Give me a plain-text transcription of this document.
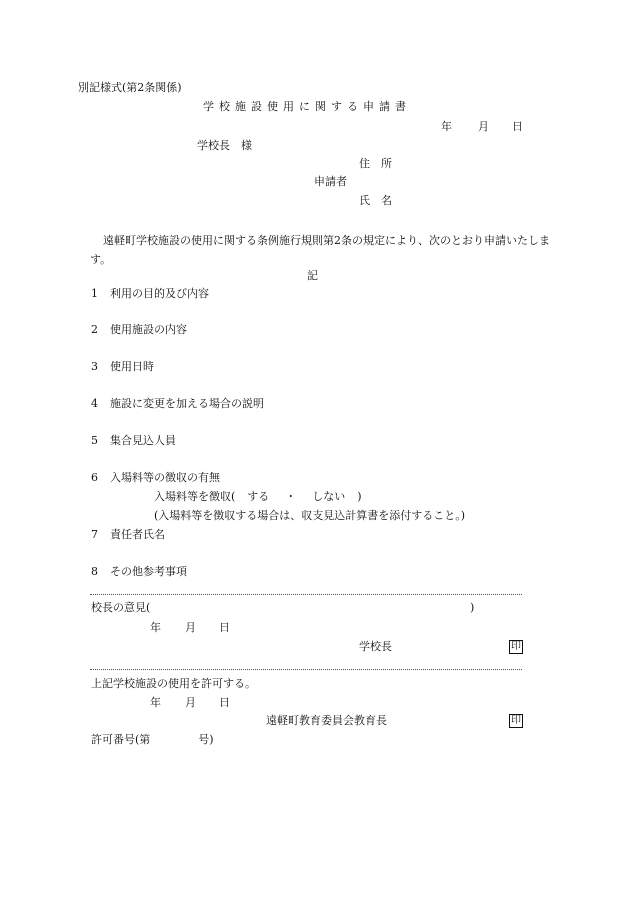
別記様式(第2条関係)
学校施設使用に関する申請書
年 月 日
学校長　様
住　所
申請者
氏　名
遠軽町学校施設の使用に関する条例施行規則第2条の規定により、次のとおり申請いたします。
記
1 利用の目的及び内容
2 使用施設の内容
3 使用日時
4 施設に変更を加える場合の説明
5 集合見込人員
6 入場料等の徴収の有無
入場料等を徴収( する ・ しない )
(入場料等を徴収する場合は、収支見込計算書を添付すること。)
7 責任者氏名
8 その他参考事項
校長の意見(	)
年 月 日
学校長	印
上記学校施設の使用を許可する。
年 月 日
遠軽町教育委員会教育長	印
許可番号(第	号)
